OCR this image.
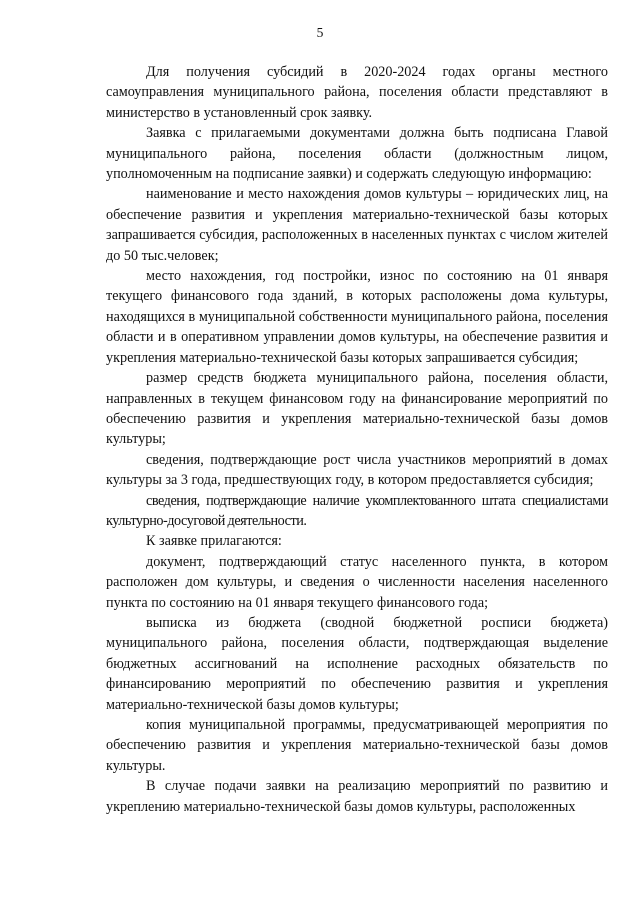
5

Для получения субсидий в 2020-2024 годах органы местного самоуправления муниципального района, поселения области представляют в министерство в установленный срок заявку.

Заявка с прилагаемыми документами должна быть подписана Главой муниципального района, поселения области (должностным лицом, уполномоченным на подписание заявки) и содержать следующую информацию:

наименование и место нахождения домов культуры – юридических лиц, на обеспечение развития и укрепления материально-технической базы которых запрашивается субсидия, расположенных в населенных пунктах с числом жителей до 50 тыс.человек;

место нахождения, год постройки, износ по состоянию на 01 января текущего финансового года зданий, в которых расположены дома культуры, находящихся в муниципальной собственности муниципального района, поселения области и в оперативном управлении домов культуры, на обеспечение развития и укрепления материально-технической базы которых запрашивается субсидия;

размер средств бюджета муниципального района, поселения области, направленных в текущем финансовом году на финансирование мероприятий по обеспечению развития и укрепления материально-технической базы домов культуры;

сведения, подтверждающие рост числа участников мероприятий в домах культуры за 3 года, предшествующих году, в котором предоставляется субсидия;

сведения, подтверждающие наличие укомплектованного штата специалистами культурно-досуговой деятельности.

К заявке прилагаются:

документ, подтверждающий статус населенного пункта, в котором расположен дом культуры, и сведения о численности населения населенного пункта по состоянию на 01 января текущего финансового года;

выписка из бюджета (сводной бюджетной росписи бюджета) муниципального района, поселения области, подтверждающая выделение бюджетных ассигнований на исполнение расходных обязательств по финансированию мероприятий по обеспечению развития и укрепления материально-технической базы домов культуры;

копия муниципальной программы, предусматривающей мероприятия по обеспечению развития и укрепления материально-технической базы домов культуры.

В случае подачи заявки на реализацию мероприятий по развитию и укреплению материально-технической базы домов культуры, расположенных
